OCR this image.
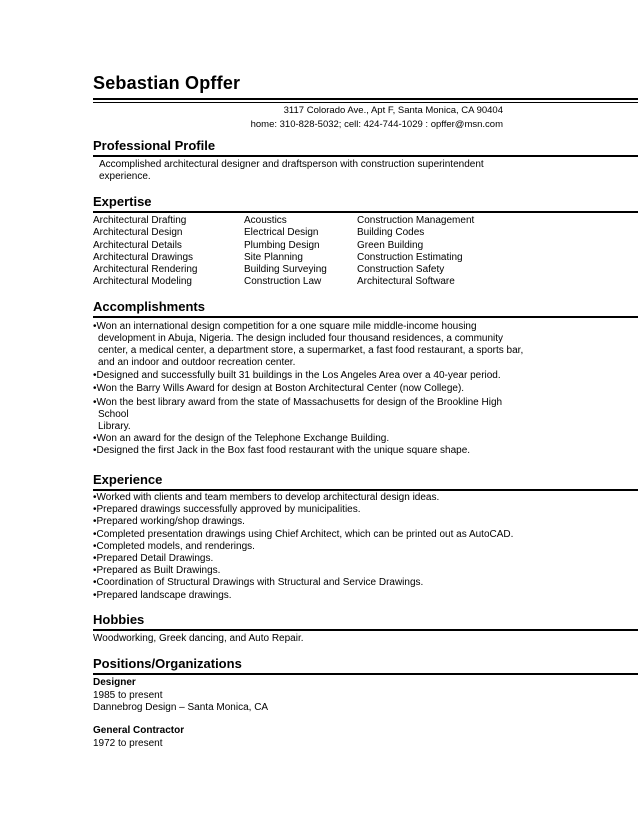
Sebastian Opffer
3117 Colorado Ave., Apt F, Santa Monica, CA 90404
home: 310-828-5032; cell: 424-744-1029 : opffer@msn.com
Professional Profile
Accomplished architectural designer and draftsperson with construction superintendent
experience.
Expertise
Architectural Drafting
Architectural Design
Architectural Details
Architectural Drawings
Architectural Rendering
Architectural Modeling
Acoustics
Electrical Design
Plumbing Design
Site Planning
Building Surveying
Construction Law
Construction Management
Building Codes
Green Building
Construction Estimating
Construction Safety
Architectural Software
Accomplishments
•Won an international design competition for a one square mile middle-income housing
development in Abuja, Nigeria. The design included four thousand residences, a community
center, a medical center, a department store, a supermarket, a fast food restaurant, a sports bar,
and an indoor and outdoor recreation center.
•Designed and successfully built 31 buildings in the Los Angeles Area over a 40-year period.
•Won the Barry Wills Award for design at Boston Architectural Center (now College).
•Won the best library award from the state of Massachusetts for design of the Brookline High
School
Library.
•Won an award for the design of the Telephone Exchange Building.
•Designed the first Jack in the Box fast food restaurant with the unique square shape.
Experience
•Worked with clients and team members to develop architectural design ideas.
•Prepared drawings successfully approved by municipalities.
•Prepared working/shop drawings.
•Completed presentation drawings using Chief Architect, which can be printed out as AutoCAD.
•Completed models, and renderings.
•Prepared Detail Drawings.
•Prepared as Built Drawings.
•Coordination of Structural Drawings with Structural and Service Drawings.
•Prepared landscape drawings.
Hobbies
Woodworking, Greek dancing, and Auto Repair.
Positions/Organizations
Designer
1985 to present
Dannebrog Design – Santa Monica, CA
General Contractor
1972 to present
